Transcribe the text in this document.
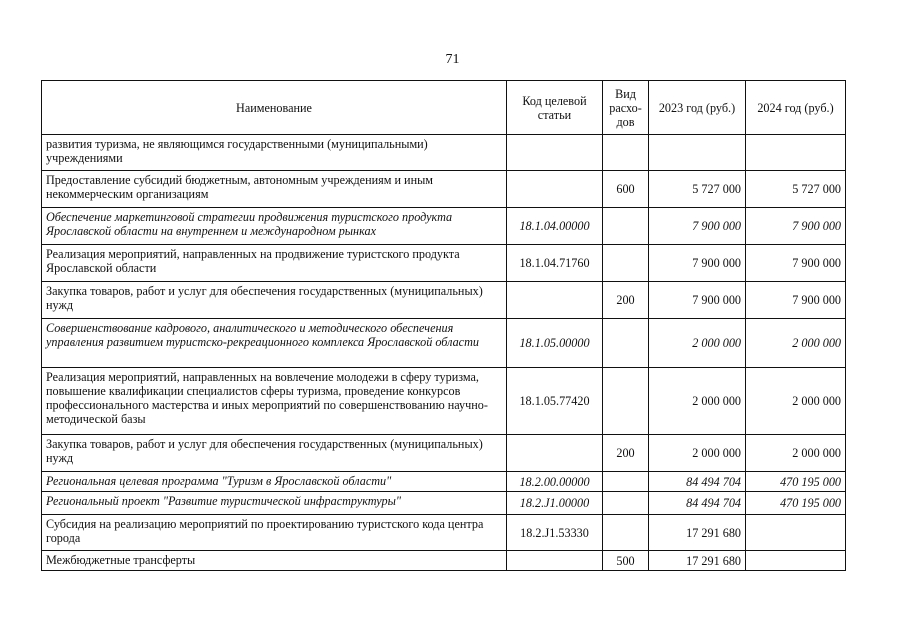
71
Наименование	Код целевой статьи	Вид расхо-дов	2023 год (руб.)	2024 год (руб.)
развития туризма, не являющимся государственными (муниципальными) учреждениями				
Предоставление субсидий бюджетным, автономным учреждениям и иным некоммерческим организациям		600	5 727 000	5 727 000
Обеспечение маркетинговой стратегии продвижения туристского продукта Ярославской области на внутреннем и международном рынках	18.1.04.00000		7 900 000	7 900 000
Реализация мероприятий, направленных на продвижение туристского продукта Ярославской области	18.1.04.71760		7 900 000	7 900 000
Закупка товаров, работ и услуг для обеспечения государственных (муниципальных) нужд		200	7 900 000	7 900 000
Совершенствование кадрового, аналитического и методического обеспечения управления развитием туристско-рекреационного комплекса Ярославской области	18.1.05.00000		2 000 000	2 000 000
Реализация мероприятий, направленных на вовлечение молодежи в сферу туризма, повышение квалификации специалистов сферы туризма, проведение конкурсов профессионального мастерства и иных мероприятий по совершенствованию научно-методической базы	18.1.05.77420		2 000 000	2 000 000
Закупка товаров, работ и услуг для обеспечения государственных (муниципальных) нужд		200	2 000 000	2 000 000
Региональная целевая программа "Туризм в Ярославской области"	18.2.00.00000		84 494 704	470 195 000
Региональный проект "Развитие туристической инфраструктуры"	18.2.J1.00000		84 494 704	470 195 000
Субсидия на реализацию мероприятий по проектированию туристского кода центра города	18.2.J1.53330		17 291 680	
Межбюджетные трансферты		500	17 291 680	
